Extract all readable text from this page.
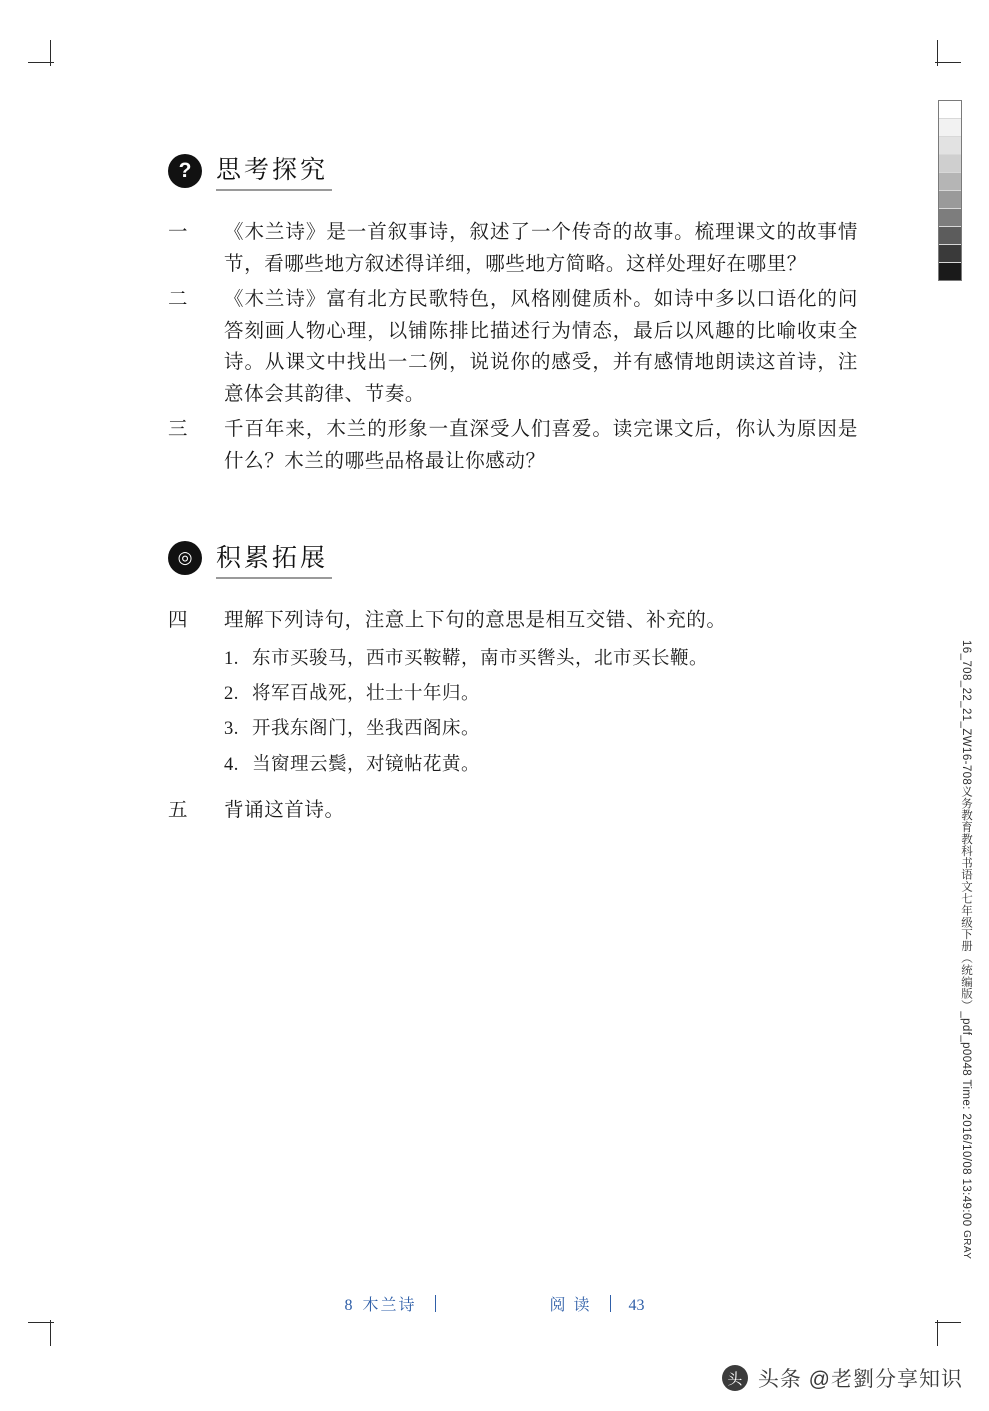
16_708_22_21_ZW16-708义务教育教科书语文七年级下册（统编版）_pdf_p0048 Time: 2016/10/08 13:49:00 GRAY
? 思考探究
一	《木兰诗》是一首叙事诗，叙述了一个传奇的故事。梳理课文的故事情节，看哪些地方叙述得详细，哪些地方简略。这样处理好在哪里？
二	《木兰诗》富有北方民歌特色，风格刚健质朴。如诗中多以口语化的问答刻画人物心理，以铺陈排比描述行为情态，最后以风趣的比喻收束全诗。从课文中找出一二例，说说你的感受，并有感情地朗读这首诗，注意体会其韵律、节奏。
三	千百年来，木兰的形象一直深受人们喜爱。读完课文后，你认为原因是什么？木兰的哪些品格最让你感动？
◎ 积累拓展
四	理解下列诗句，注意上下句的意思是相互交错、补充的。
1. 东市买骏马，西市买鞍鞯，南市买辔头，北市买长鞭。
2. 将军百战死，壮士十年归。
3. 开我东阁门，坐我西阁床。
4. 当窗理云鬓，对镜帖花黄。
五	背诵这首诗。
8 木兰诗	阅 读 43
头 头条 @老劉分享知识
